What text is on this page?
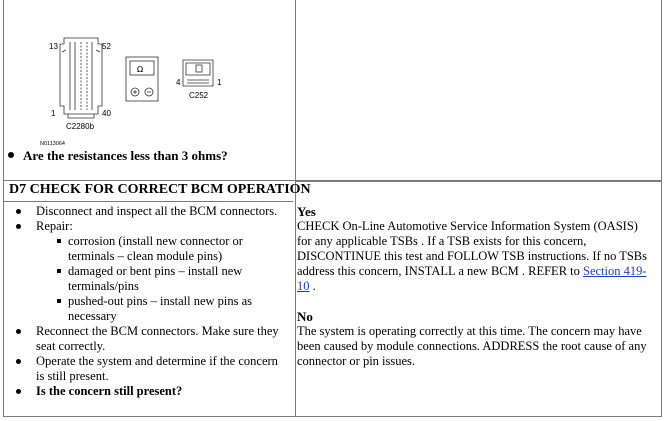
13	52
1	40
C2280b
N0113064
Ω
4	1
C252
Are the resistances less than 3 ohms?
D7 CHECK FOR CORRECT BCM OPERATION
Disconnect and inspect all the BCM connectors.
Repair:
corrosion (install new connector or
terminals – clean module pins)
damaged or bent pins – install new
terminals/pins
pushed-out pins – install new pins as
necessary
Reconnect the BCM connectors. Make sure they
seat correctly.
Operate the system and determine if the concern
is still present.
Is the concern still present?
Yes

CHECK On-Line Automotive Service Information System (OASIS)
for any applicable TSBs . If a TSB exists for this concern,
DISCONTINUE this test and FOLLOW TSB instructions. If no TSBs
address this concern, INSTALL a new BCM . REFER to Section 419-
10 .

No

The system is operating correctly at this time. The concern may have
been caused by module connections. ADDRESS the root cause of any
connector or pin issues.
